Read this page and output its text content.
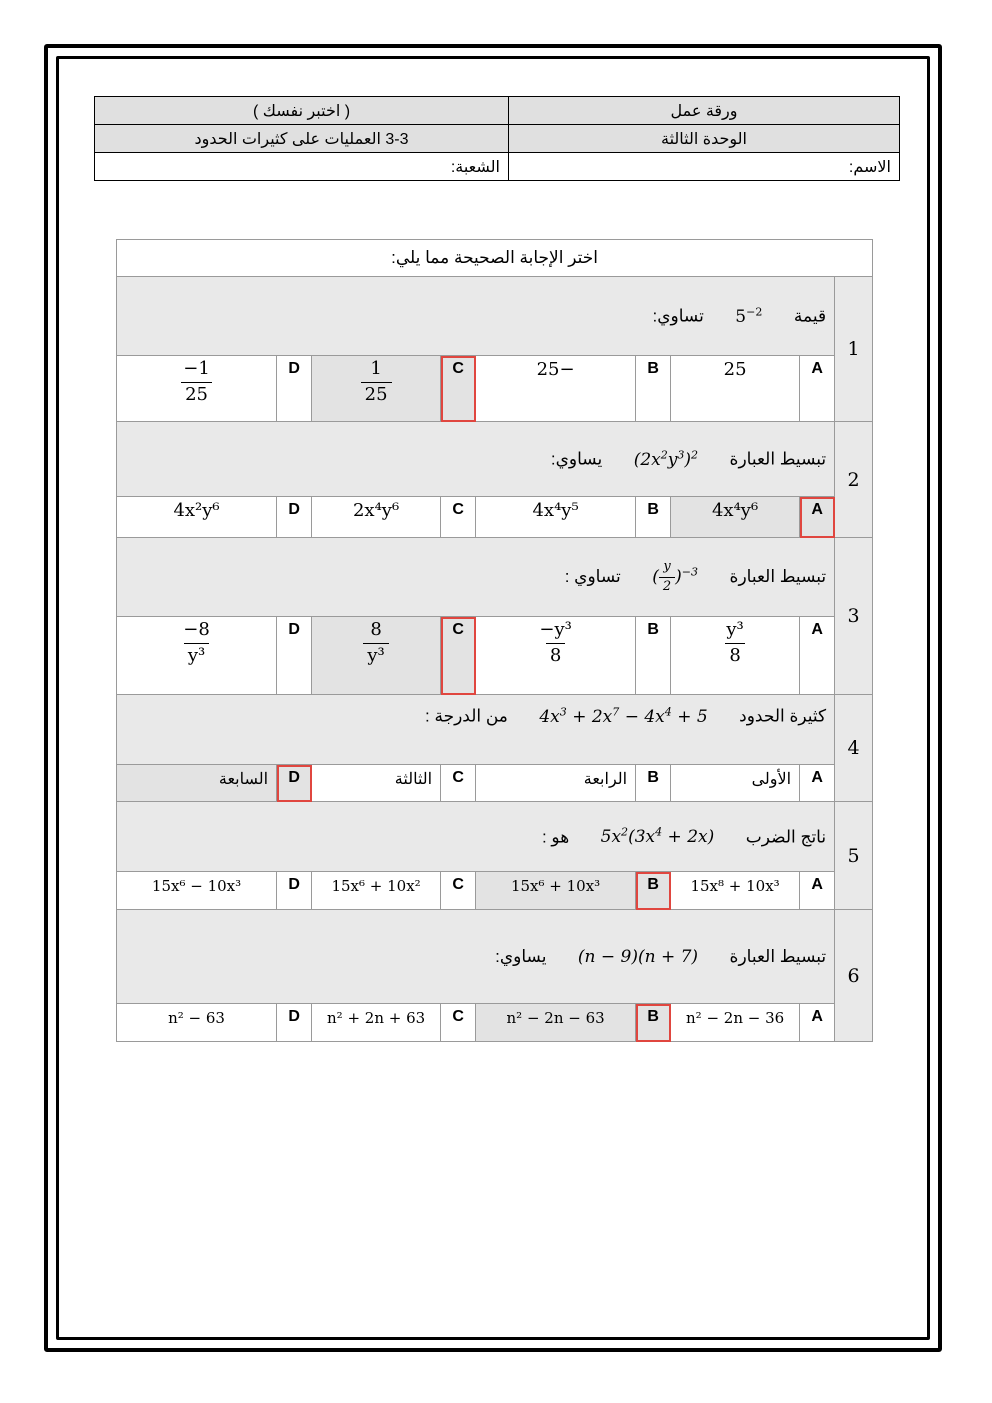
ورقة عمل	( اختبر نفسك )
الوحدة الثالثة	3-3 العمليات على كثيرات الحدود
الاسم:	الشعبة:
اختر الإجابة الصحيحة مما يلي:								
1	قيمة  $5^{-2}$  تساوي:							
	A	25	B	−25	C	$\frac{1}{25}$	D	$\frac{-1}{25}$

2	تبسيط العبارة  $(2x^2y^3)^2$  يساوي:							
	A	4x⁴y⁶	B	4x⁴y⁵	C	2x⁴y⁶	D	4x²y⁶
3	تبسيط العبارة  ( $\frac{y}{2} )^{-3}$  تساوي :							
	A	$\frac{\text{y³}}{8}$	B	$\frac{\text{−y³}}{8}$	C	$\frac{8}{\text{y³}}$	D	$\frac{-8}{\text{y³}}$

4	كثيرة الحدود  $4x^3 + 2x^7 - 4x^4 + 5$  من الدرجة :							
	A	الأولى	B	الرابعة	C	الثالثة	D	السابعة
5	ناتج الضرب  $5x^2(3x^4 + 2x)$  هو :							
	A	15x⁸ + 10x³	B	15x⁶ + 10x³	C	15x⁶ + 10x²	D	15x⁶ − 10x³
6	تبسيط العبارة  (n − 9)(n + 7)  يساوي:							
	A	n² − 2n − 36	B	n² − 2n − 63	C	n² + 2n + 63	D	n² − 63
